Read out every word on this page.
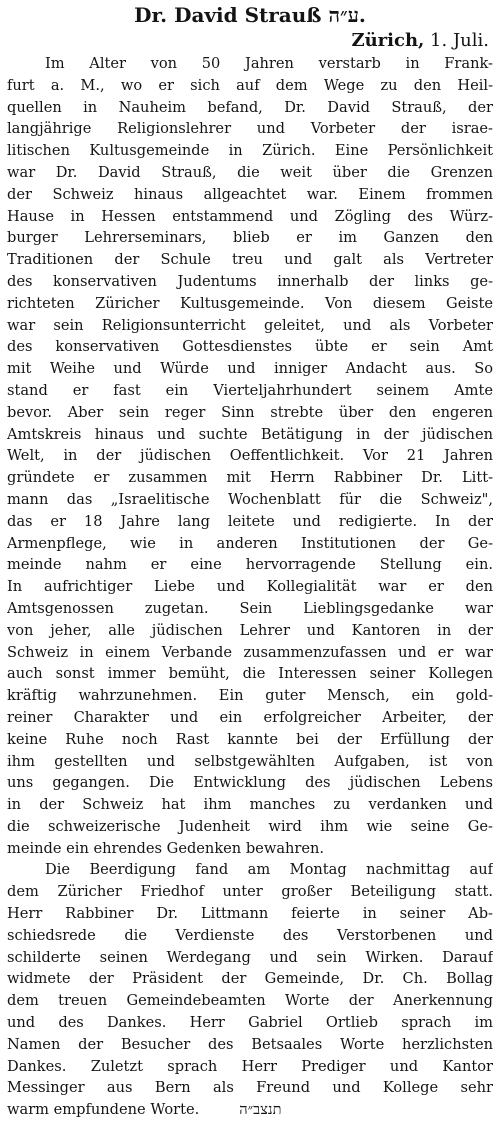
Dr. David Strauß ע״ה.
Zürich, 1. Juli.
Im Alter von 50 Jahren verstarb in Frank-
furt a. M., wo er sich auf dem Wege zu den Heil-
quellen in Nauheim befand, Dr. David Strauß, der
langjährige Religionslehrer und Vorbeter der israe-
litischen Kultusgemeinde in Zürich. Eine Persönlichkeit
war Dr. David Strauß, die weit über die Grenzen
der Schweiz hinaus allgeachtet war. Einem frommen
Hause in Hessen entstammend und Zögling des Würz-
burger Lehrerseminars, blieb er im Ganzen den
Traditionen der Schule treu und galt als Vertreter
des konservativen Judentums innerhalb der links ge-
richteten Züricher Kultusgemeinde. Von diesem Geiste
war sein Religionsunterricht geleitet, und als Vorbeter
des konservativen Gottesdienstes übte er sein Amt
mit Weihe und Würde und inniger Andacht aus. So
stand er fast ein Vierteljahrhundert seinem Amte
bevor. Aber sein reger Sinn strebte über den engeren
Amtskreis hinaus und suchte Betätigung in der jüdischen
Welt, in der jüdischen Oeffentlichkeit. Vor 21 Jahren
gründete er zusammen mit Herrn Rabbiner Dr. Litt-
mann das „Israelitische Wochenblatt für die Schweiz",
das er 18 Jahre lang leitete und redigierte. In der
Armenpflege, wie in anderen Institutionen der Ge-
meinde nahm er eine hervorragende Stellung ein.
In aufrichtiger Liebe und Kollegialität war er den
Amtsgenossen zugetan. Sein Lieblingsgedanke war
von jeher, alle jüdischen Lehrer und Kantoren in der
Schweiz in einem Verbande zusammenzufassen und er war
auch sonst immer bemüht, die Interessen seiner Kollegen
kräftig wahrzunehmen. Ein guter Mensch, ein gold-
reiner Charakter und ein erfolgreicher Arbeiter, der
keine Ruhe noch Rast kannte bei der Erfüllung der
ihm gestellten und selbstgewählten Aufgaben, ist von
uns gegangen. Die Entwicklung des jüdischen Lebens
in der Schweiz hat ihm manches zu verdanken und
die schweizerische Judenheit wird ihm wie seine Ge-
meinde ein ehrendes Gedenken bewahren.
Die Beerdigung fand am Montag nachmittag auf
dem Züricher Friedhof unter großer Beteiligung statt.
Herr Rabbiner Dr. Littmann feierte in seiner Ab-
schiedsrede die Verdienste des Verstorbenen und
schilderte seinen Werdegang und sein Wirken. Darauf
widmete der Präsident der Gemeinde, Dr. Ch. Bollag
dem treuen Gemeindebeamten Worte der Anerkennung
und des Dankes. Herr Gabriel Ortlieb sprach im
Namen der Besucher des Betsaales Worte herzlichsten
Dankes. Zuletzt sprach Herr Prediger und Kantor
Messinger aus Bern als Freund und Kollege sehr
warm empfundene Worte.	תנצב״ה
